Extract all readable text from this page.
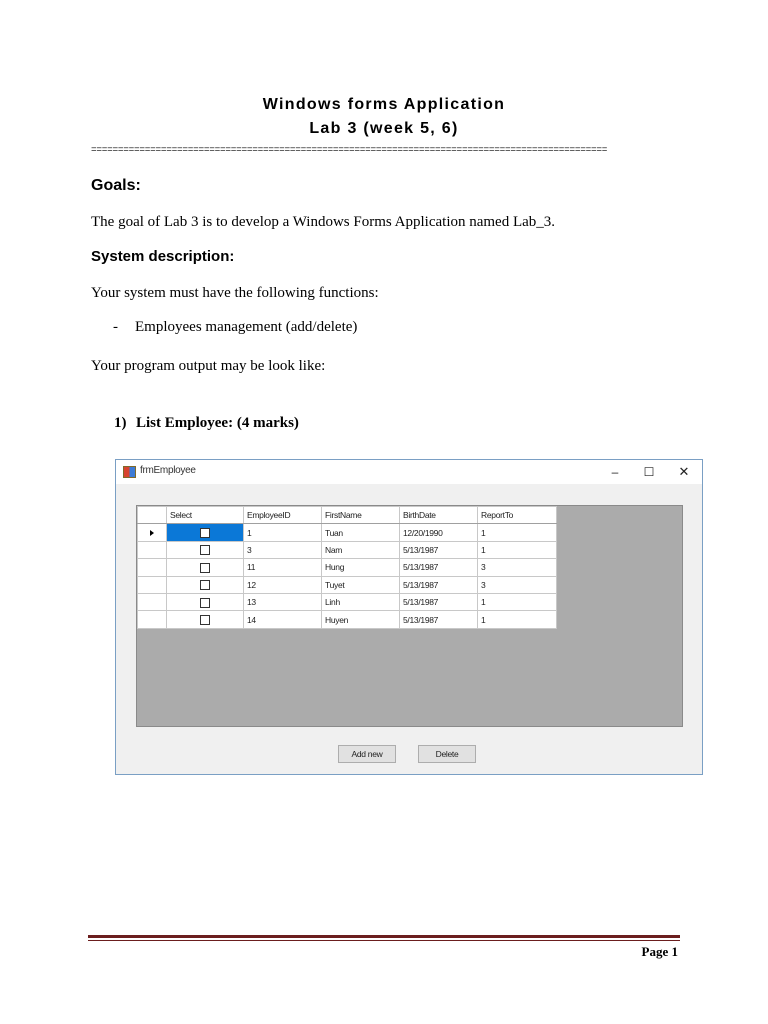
Windows forms Application
Lab 3 (week 5, 6)
================================================================================================
Goals:
The goal of Lab 3 is to develop a Windows Forms Application named Lab_3.
System description:
Your system must have the following functions:
- Employees management (add/delete)
Your program output may be look like:
1) List Employee: (4 marks)
frmEmployee	–	☐	✕
	Select	EmployeeID	FirstName	BirthDate	ReportTo
		1	Tuan	12/20/1990	1
		3	Nam	5/13/1987	1
		11	Hung	5/13/1987	3
		12	Tuyet	5/13/1987	3
		13	Linh	5/13/1987	1
		14	Huyen	5/13/1987	1
Add new	Delete
Page 1
